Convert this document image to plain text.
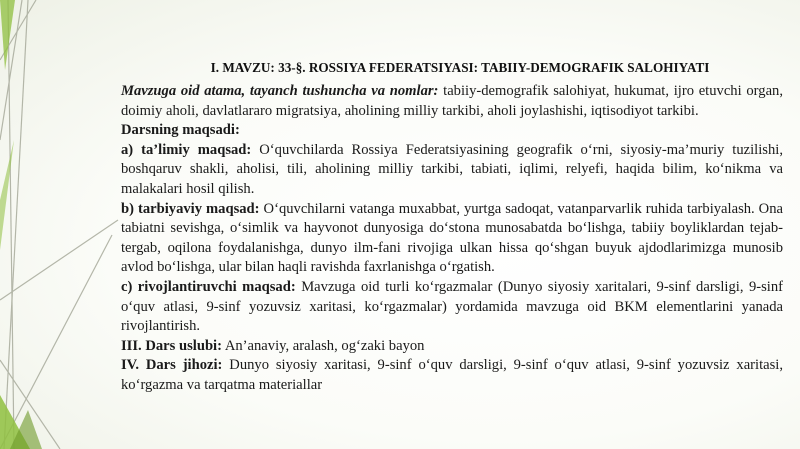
I. MAVZU: 33-§. ROSSIYA FEDERATSIYASI: TABIIY-DEMOGRAFIK SALOHIYATI

Mavzuga oid atama, tayanch tushuncha va nomlar: tabiiy-demografik salohiyat, hukumat, ijro etuvchi organ, doimiy aholi, davlatlararo migratsiya, aholining milliy tarkibi, aholi joylashishi, iqtisodiyot tarkibi.

Darsning maqsadi:

a) ta’limiy maqsad: O‘quvchilarda Rossiya Federatsiyasining geografik o‘rni, siyosiy-ma’muriy tuzilishi, boshqaruv shakli, aholisi, tili, aholining milliy tarkibi, tabiati, iqlimi, relyefi, haqida bilim, ko‘nikma va malakalari hosil qilish.

b) tarbiyaviy maqsad: O‘quvchilarni vatanga muxabbat, yurtga sadoqat, vatanparvarlik ruhida tarbiyalash. Ona tabiatni sevishga, o‘simlik va hayvonot dunyosiga do‘stona munosabatda bo‘lishga, tabiiy boyliklardan tejab-tergab, oqilona foydalanishga, dunyo ilm-fani rivojiga ulkan hissa qo‘shgan buyuk ajdodlarimizga munosib avlod bo‘lishga, ular bilan haqli ravishda faxrlanishga o‘rgatish.

c) rivojlantiruvchi maqsad: Mavzuga oid turli ko‘rgazmalar (Dunyo siyosiy xaritalari, 9-sinf darsligi, 9-sinf o‘quv atlasi, 9-sinf yozuvsiz xaritasi, ko‘rgazmalar) yordamida mavzuga oid BKM elementlarini yanada rivojlantirish.

III. Dars uslubi: An’anaviy, aralash, og‘zaki bayon

IV. Dars jihozi: Dunyo siyosiy xaritasi, 9-sinf o‘quv darsligi, 9-sinf o‘quv atlasi, 9-sinf yozuvsiz xaritasi, ko‘rgazma va tarqatma materiallar
